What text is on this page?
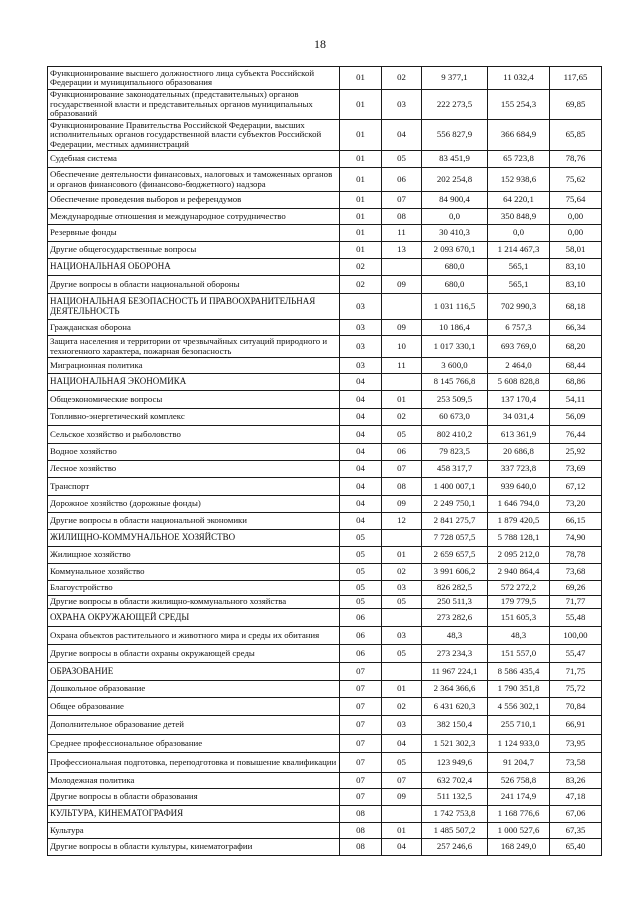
18
Функционирование высшего должностного лица субъекта Российской Федерации и муниципального образования	01	02	9 377,1	11 032,4	117,65
Функционирование законодательных (представительных) органов государственной власти и представительных органов муниципальных образований	01	03	222 273,5	155 254,3	69,85
Функционирование Правительства Российской Федерации, высших исполнительных органов государственной власти субъектов Российской Федерации, местных администраций	01	04	556 827,9	366 684,9	65,85
Судебная система	01	05	83 451,9	65 723,8	78,76
Обеспечение деятельности финансовых, налоговых и таможенных органов и органов финансового (финансово-бюджетного) надзора	01	06	202 254,8	152 938,6	75,62
Обеспечение проведения выборов и референдумов	01	07	84 900,4	64 220,1	75,64
Международные отношения и международное сотрудничество	01	08	0,0	350 848,9	0,00
Резервные фонды	01	11	30 410,3	0,0	0,00
Другие общегосударственные вопросы	01	13	2 093 670,1	1 214 467,3	58,01
НАЦИОНАЛЬНАЯ ОБОРОНА	02		680,0	565,1	83,10
Другие вопросы в области национальной обороны	02	09	680,0	565,1	83,10
НАЦИОНАЛЬНАЯ БЕЗОПАСНОСТЬ И ПРАВООХРАНИТЕЛЬНАЯ ДЕЯТЕЛЬНОСТЬ	03		1 031 116,5	702 990,3	68,18
Гражданская оборона	03	09	10 186,4	6 757,3	66,34
Защита населения и территории от чрезвычайных ситуаций природного и техногенного характера, пожарная безопасность	03	10	1 017 330,1	693 769,0	68,20
Миграционная политика	03	11	3 600,0	2 464,0	68,44
НАЦИОНАЛЬНАЯ ЭКОНОМИКА	04		8 145 766,8	5 608 828,8	68,86
Общеэкономические вопросы	04	01	253 509,5	137 170,4	54,11
Топливно-энергетический комплекс	04	02	60 673,0	34 031,4	56,09
Сельское хозяйство и рыболовство	04	05	802 410,2	613 361,9	76,44
Водное хозяйство	04	06	79 823,5	20 686,8	25,92
Лесное хозяйство	04	07	458 317,7	337 723,8	73,69
Транспорт	04	08	1 400 007,1	939 640,0	67,12
Дорожное хозяйство (дорожные фонды)	04	09	2 249 750,1	1 646 794,0	73,20
Другие вопросы в области национальной экономики	04	12	2 841 275,7	1 879 420,5	66,15
ЖИЛИЩНО-КОММУНАЛЬНОЕ ХОЗЯЙСТВО	05		7 728 057,5	5 788 128,1	74,90
Жилищное хозяйство	05	01	2 659 657,5	2 095 212,0	78,78
Коммунальное хозяйство	05	02	3 991 606,2	2 940 864,4	73,68
Благоустройство	05	03	826 282,5	572 272,2	69,26
Другие вопросы в области жилищно-коммунального хозяйства	05	05	250 511,3	179 779,5	71,77
ОХРАНА ОКРУЖАЮЩЕЙ СРЕДЫ	06		273 282,6	151 605,3	55,48
Охрана объектов растительного и животного мира и среды их обитания	06	03	48,3	48,3	100,00
Другие вопросы в области охраны окружающей среды	06	05	273 234,3	151 557,0	55,47
ОБРАЗОВАНИЕ	07		11 967 224,1	8 586 435,4	71,75
Дошкольное образование	07	01	2 364 366,6	1 790 351,8	75,72
Общее образование	07	02	6 431 620,3	4 556 302,1	70,84
Дополнительное образование детей	07	03	382 150,4	255 710,1	66,91
Среднее профессиональное образование	07	04	1 521 302,3	1 124 933,0	73,95
Профессиональная подготовка, переподготовка и повышение квалификации	07	05	123 949,6	91 204,7	73,58
Молодежная политика	07	07	632 702,4	526 758,8	83,26
Другие вопросы в области образования	07	09	511 132,5	241 174,9	47,18
КУЛЬТУРА, КИНЕМАТОГРАФИЯ	08		1 742 753,8	1 168 776,6	67,06
Культура	08	01	1 485 507,2	1 000 527,6	67,35
Другие вопросы в области культуры, кинематографии	08	04	257 246,6	168 249,0	65,40
